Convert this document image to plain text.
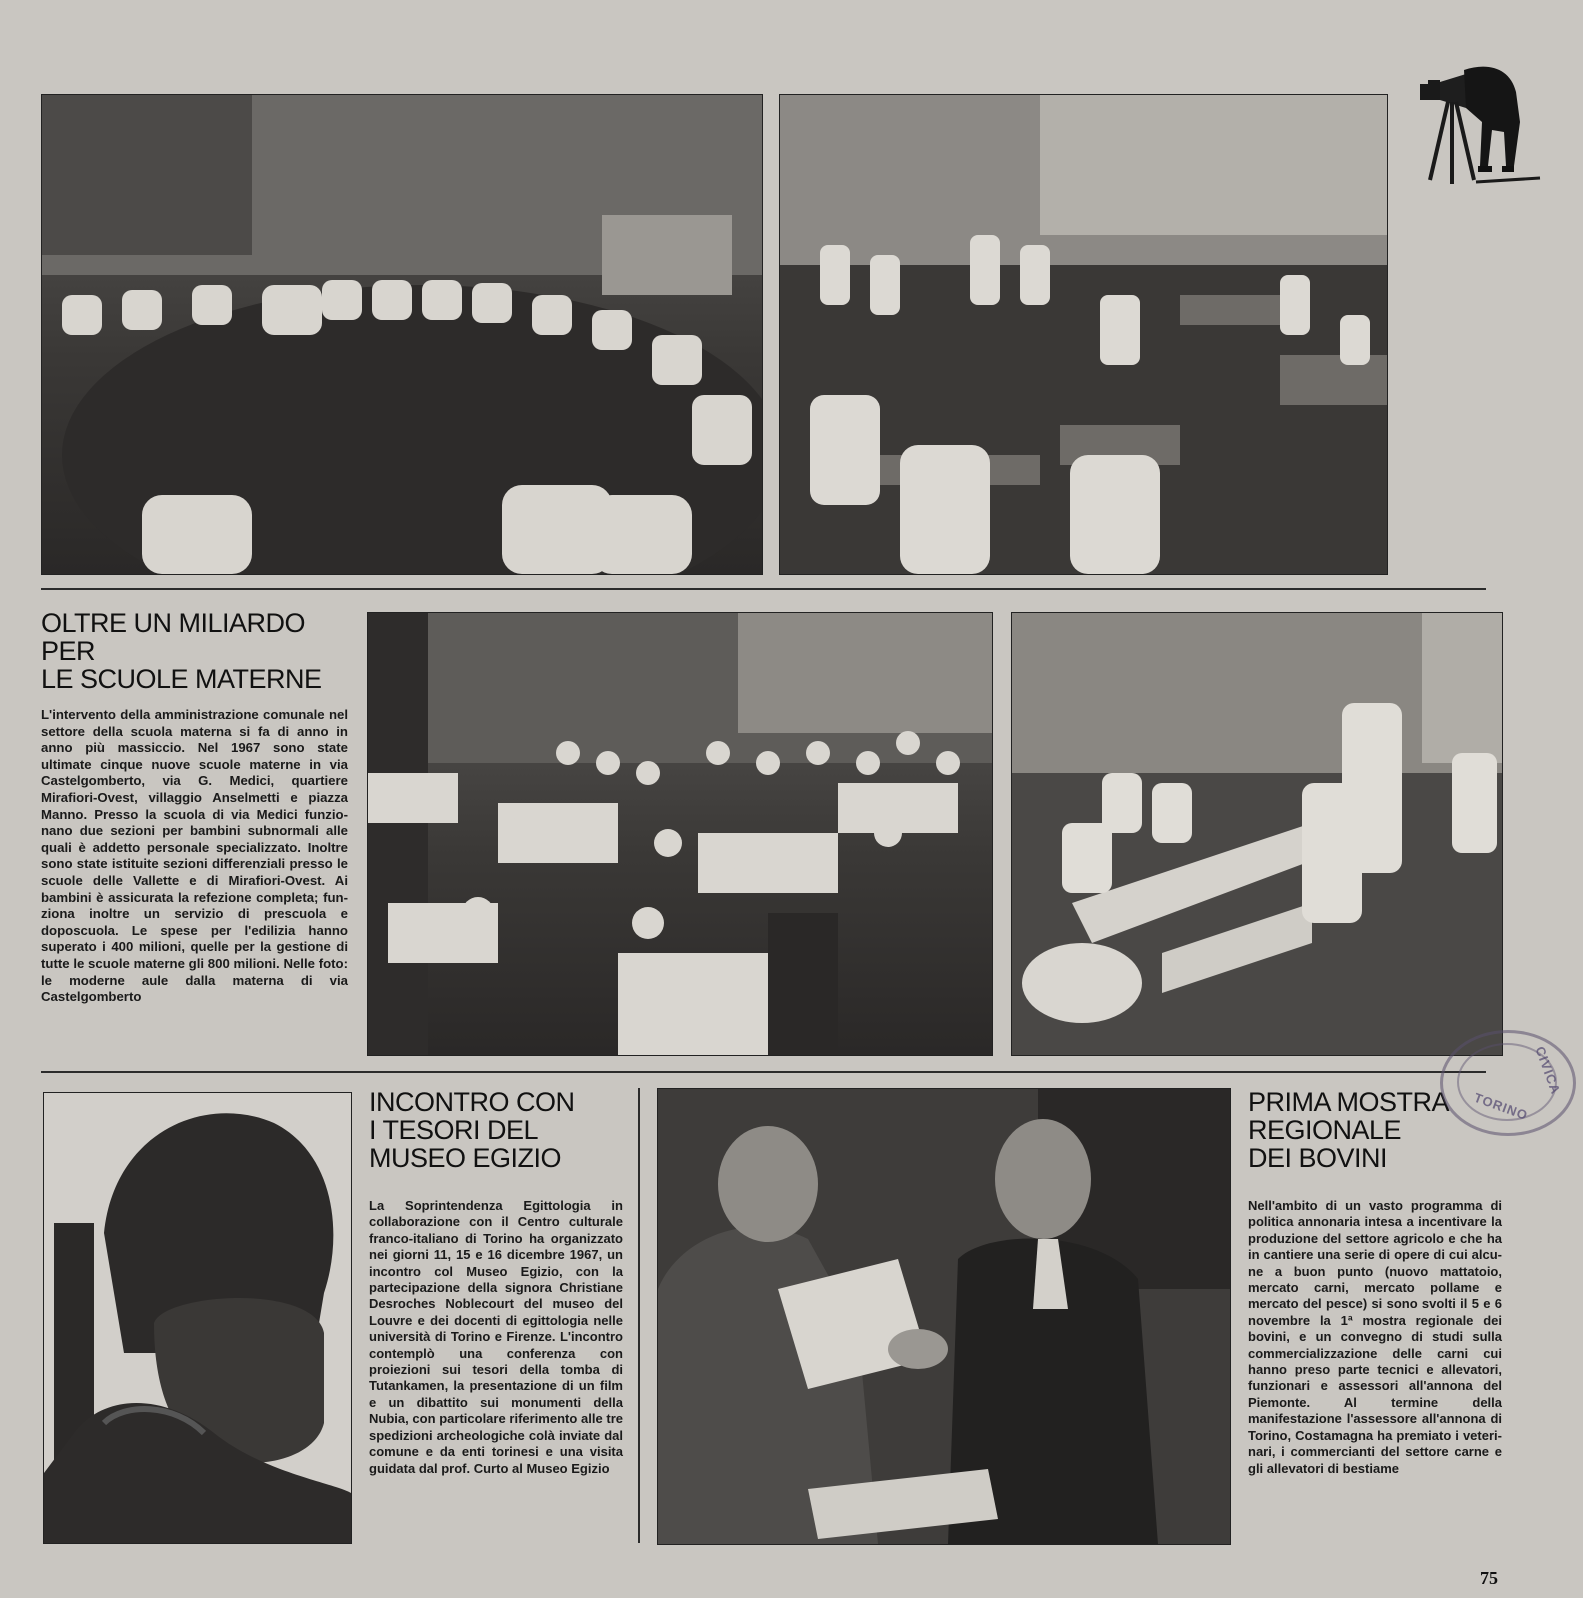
OLTRE UN MILIARDO
PER
LE SCUOLE MATERNE

L'intervento della amministrazione comunale nel settore della scuola materna si fa di anno in anno più massiccio. Nel 1967 sono state ultimate cinque nuove scuole materne in via Castelgomberto, via G. Medici, quartiere Mirafiori-Ovest, villaggio Anselmetti e piazza Manno. Presso la scuola di via Medici funzionano due sezioni per bambini subnormali alle quali è addetto personale specializzato. Inoltre sono state istituite sezioni differenziali presso le scuole delle Vallette e di Mirafiori-Ovest. Ai bambini è assicurata la refezione completa; funziona inoltre un servizio di prescuola e doposcuola. Le spese per l'edilizia hanno superato i 400 milioni, quelle per la gestione di tutte le scuole materne gli 800 milioni. Nelle foto: le moderne aule dalla materna di via Castelgomberto

INCONTRO CON
I TESORI DEL
MUSEO EGIZIO

La Soprintendenza Egittologia in collaborazione con il Centro culturale franco-italiano di Torino ha organizzato nei giorni 11, 15 e 16 dicembre 1967, un incontro col Museo Egizio, con la partecipazione della signora Christiane Desroches Noblecourt del museo del Louvre e dei docenti di egittologia nelle università di Torino e Firenze. L'incontro contemplò una conferenza con proiezioni sui tesori della tomba di Tutankamen, la presentazione di un film e un dibattito sui monumenti della Nubia, con particolare riferimento alle tre spedizioni archeologiche colà inviate dal comune e da enti torinesi e una visita guidata dal prof. Curto al Museo Egizio

PRIMA MOSTRA
REGIONALE
DEI BOVINI

Nell'ambito di un vasto programma di politica annonaria intesa a incentivare la produzione del settore agricolo e che ha in cantiere una serie di opere di cui alcune a buon punto (nuovo mattatoio, mercato carni, mercato pollame e mercato del pesce) si sono svolti il 5 e 6 novembre la 1ª mostra regionale dei bovini, e un convegno di studi sulla commercializzazione delle carni cui hanno preso parte tecnici e allevatori, funzionari e assessori all'annona del Piemonte. Al termine della manifestazione l'assessore all'annona di Torino, Costamagna ha premiato i veterinari, i commercianti del settore carne e gli allevatori di bestiame

CIVICA
TORINO
75
